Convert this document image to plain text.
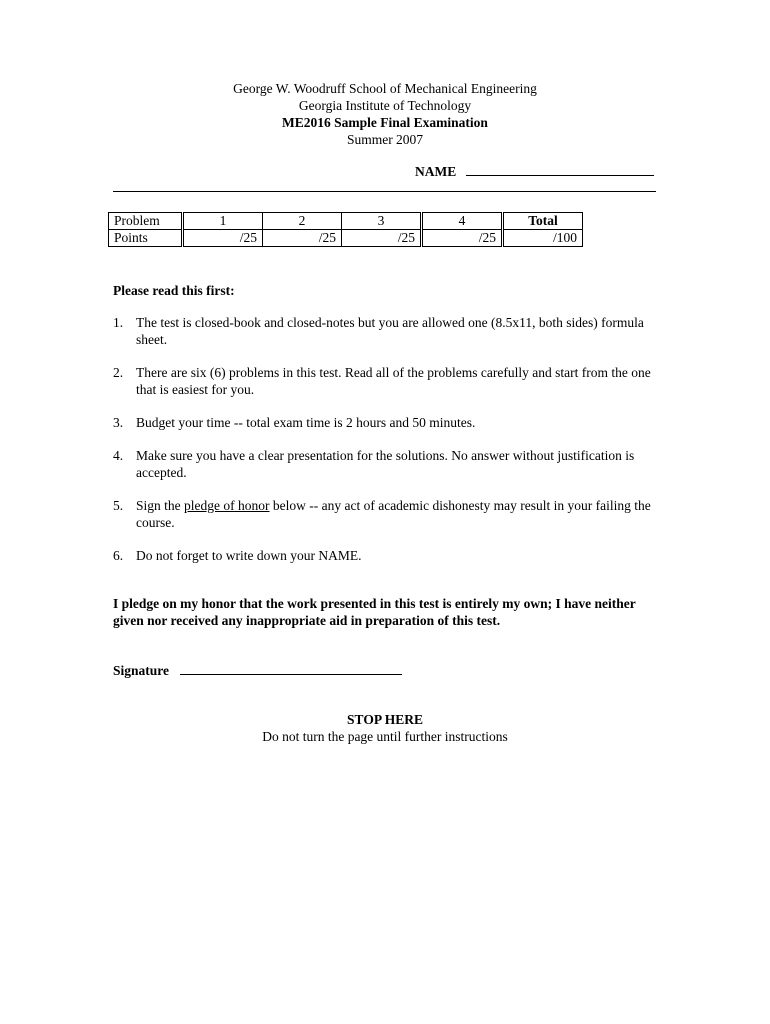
George W. Woodruff School of Mechanical Engineering
Georgia Institute of Technology
ME2016 Sample Final Examination
Summer 2007
NAME
Problem	1	2	3	4	Total
Points	/25	/25	/25	/25	/100
Please read this first:
1. The test is closed-book and closed-notes but you are allowed one (8.5x11, both sides) formula sheet.
2. There are six (6) problems in this test. Read all of the problems carefully and start from the one that is easiest for you.
3. Budget your time -- total exam time is 2 hours and 50 minutes.
4. Make sure you have a clear presentation for the solutions. No answer without justification is accepted.
5. Sign the pledge of honor below -- any act of academic dishonesty may result in your failing the course.
6. Do not forget to write down your NAME.
I pledge on my honor that the work presented in this test is entirely my own; I have neither given nor received any inappropriate aid in preparation of this test.
Signature
STOP HERE
Do not turn the page until further instructions
